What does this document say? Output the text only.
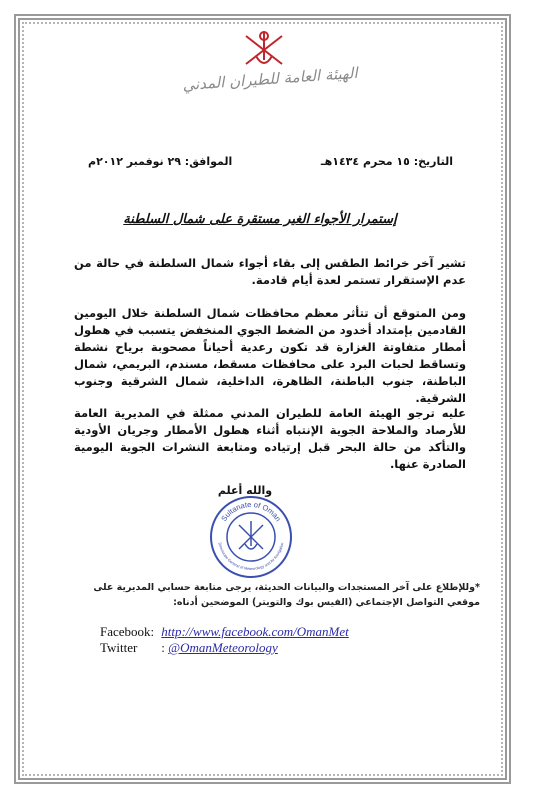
الهيئة العامة للطيران المدني
التاريخ: ١٥ محرم ١٤٣٤هـ
الموافق: ٢٩ نوفمبر ٢٠١٢م
إستمرار الأجواء الغير مستقرة على شمال السلطنة
تشير آخر خرائط الطقس إلى بقاء أجواء شمال السلطنة في حالة من عدم الإستقرار تستمر لعدة أيام قادمة.
ومن المتوقع أن تتأثر معظم محافظات شمال السلطنة خلال اليومين القادمين بإمتداد أخدود من الضغط الجوي المنخفض يتسبب في هطول أمطار متفاوتة الغزارة قد تكون رعدية أحياناً مصحوبة برياح نشطة وتساقط لحبات البرد على محافظات مسقط، مسندم، البريمي، شمال الباطنة، جنوب الباطنة، الظاهرة، الداخلية، شمال الشرقية وجنوب الشرقية.
عليه ترجو الهيئة العامة للطيران المدني ممثلة في المديرية العامة للأرصاد والملاحة الجوية الإنتباه أثناء هطول الأمطار وجريان الأودية والتأكد من حالة البحر قبل إرتياده ومتابعة النشرات الجوية اليومية الصادرة عنها.
والله أعلم
Sultanate of Oman
Directorate General of Meteorology and Air Navigation
*وللإطلاع على آخر المستجدات والبيانات الحديثة، يرجى متابعة حسابي المديرية على موقعي التواصل الإجتماعي (الفيس بوك والتويتر) الموضحين أدناه:
Facebook: http://www.facebook.com/OmanMet
Twitter : @OmanMeteorology
